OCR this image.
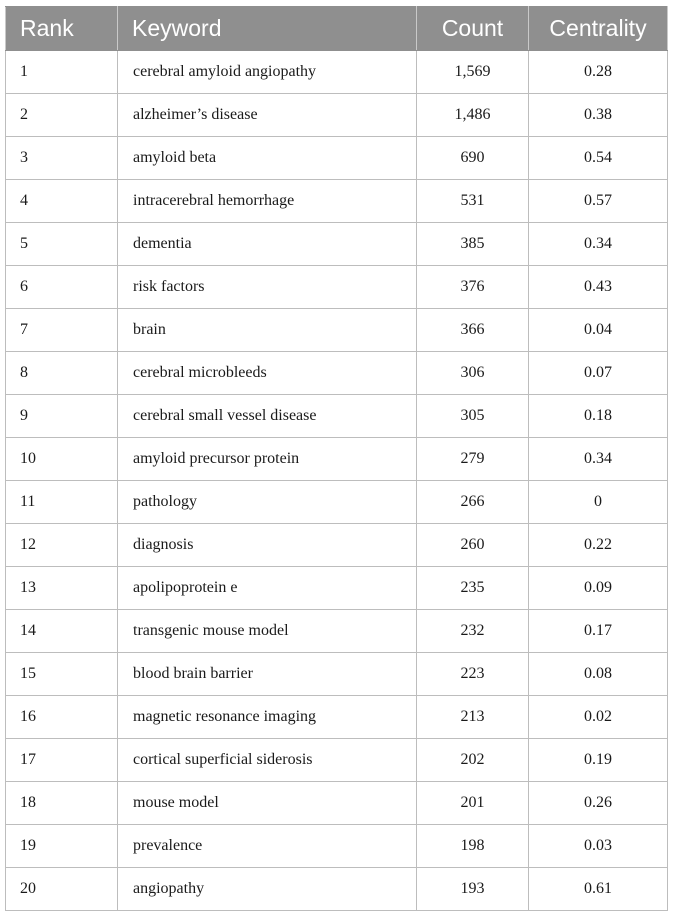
Rank	Keyword	Count	Centrality
1	cerebral amyloid angiopathy	1,569	0.28
2	alzheimer’s disease	1,486	0.38
3	amyloid beta	690	0.54
4	intracerebral hemorrhage	531	0.57
5	dementia	385	0.34
6	risk factors	376	0.43
7	brain	366	0.04
8	cerebral microbleeds	306	0.07
9	cerebral small vessel disease	305	0.18
10	amyloid precursor protein	279	0.34
11	pathology	266	0
12	diagnosis	260	0.22
13	apolipoprotein e	235	0.09
14	transgenic mouse model	232	0.17
15	blood brain barrier	223	0.08
16	magnetic resonance imaging	213	0.02
17	cortical superficial siderosis	202	0.19
18	mouse model	201	0.26
19	prevalence	198	0.03
20	angiopathy	193	0.61
